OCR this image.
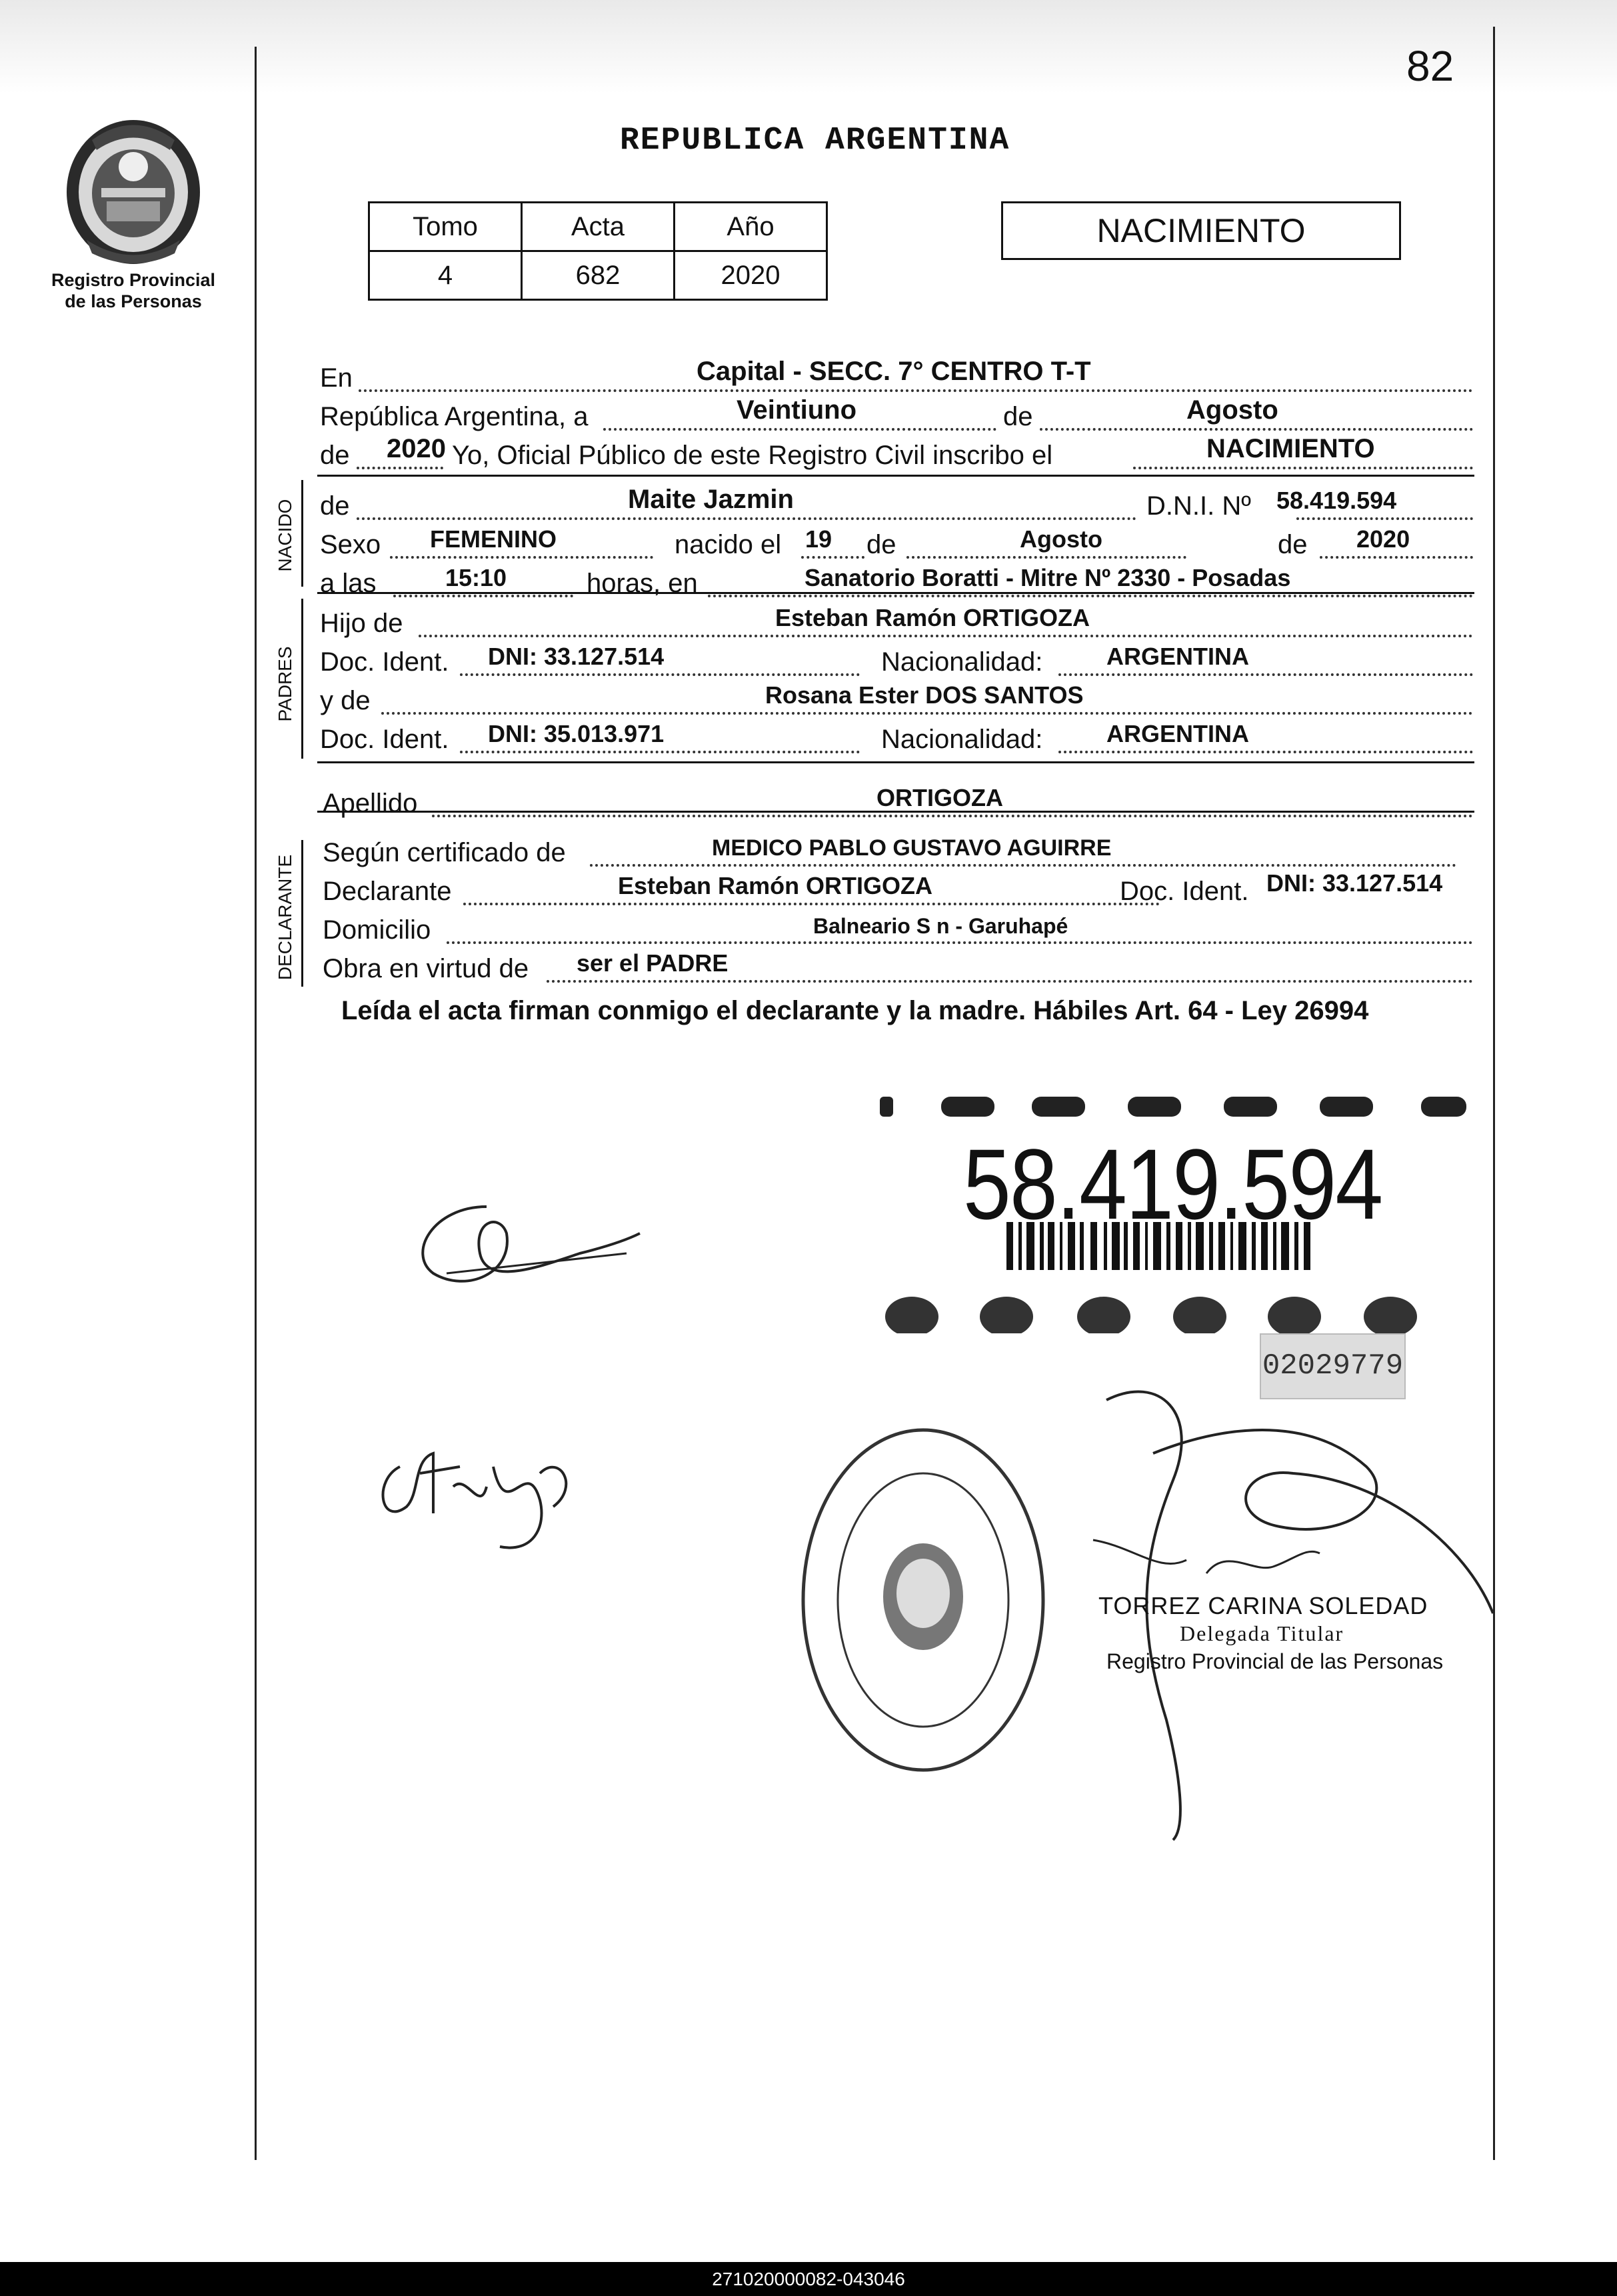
82
Registro Provincial
de las Personas
REPUBLICA ARGENTINA
Tomo	Acta	Año
4	682	2020
NACIMIENTO
En	Capital - SECC. 7° CENTRO T-T
República Argentina, a	Veintiuno	de	Agosto
de 2020 Yo, Oficial Público de este Registro Civil inscribo el	NACIMIENTO
NACIDO de	Maite Jazmin	D.N.I. Nº 58.419.594
Sexo FEMENINO	nacido el 19 de	Agosto	de 2020
a las	15:10	horas, en	Sanatorio Boratti - Mitre Nº 2330 - Posadas
PADRES
Hijo de	Esteban Ramón ORTIGOZA
Doc. Ident. DNI: 33.127.514	Nacionalidad:	ARGENTINA
y de	Rosana Ester DOS SANTOS
Doc. Ident. DNI: 35.013.971	Nacionalidad:	ARGENTINA
Apellido	ORTIGOZA
DECLARANTE
Según certificado de	MEDICO PABLO GUSTAVO AGUIRRE
Declarante	Esteban Ramón ORTIGOZA	Doc. Ident. DNI: 33.127.514
Domicilio	Balneario S n - Garuhapé
Obra en virtud de ser el PADRE
Leída el acta firman conmigo el declarante y la madre. Hábiles Art. 64 - Ley 26994
58.419.594
02029779
TORREZ CARINA SOLEDAD
Delegada Titular
Registro Provincial de las Personas
271020000082-043046
